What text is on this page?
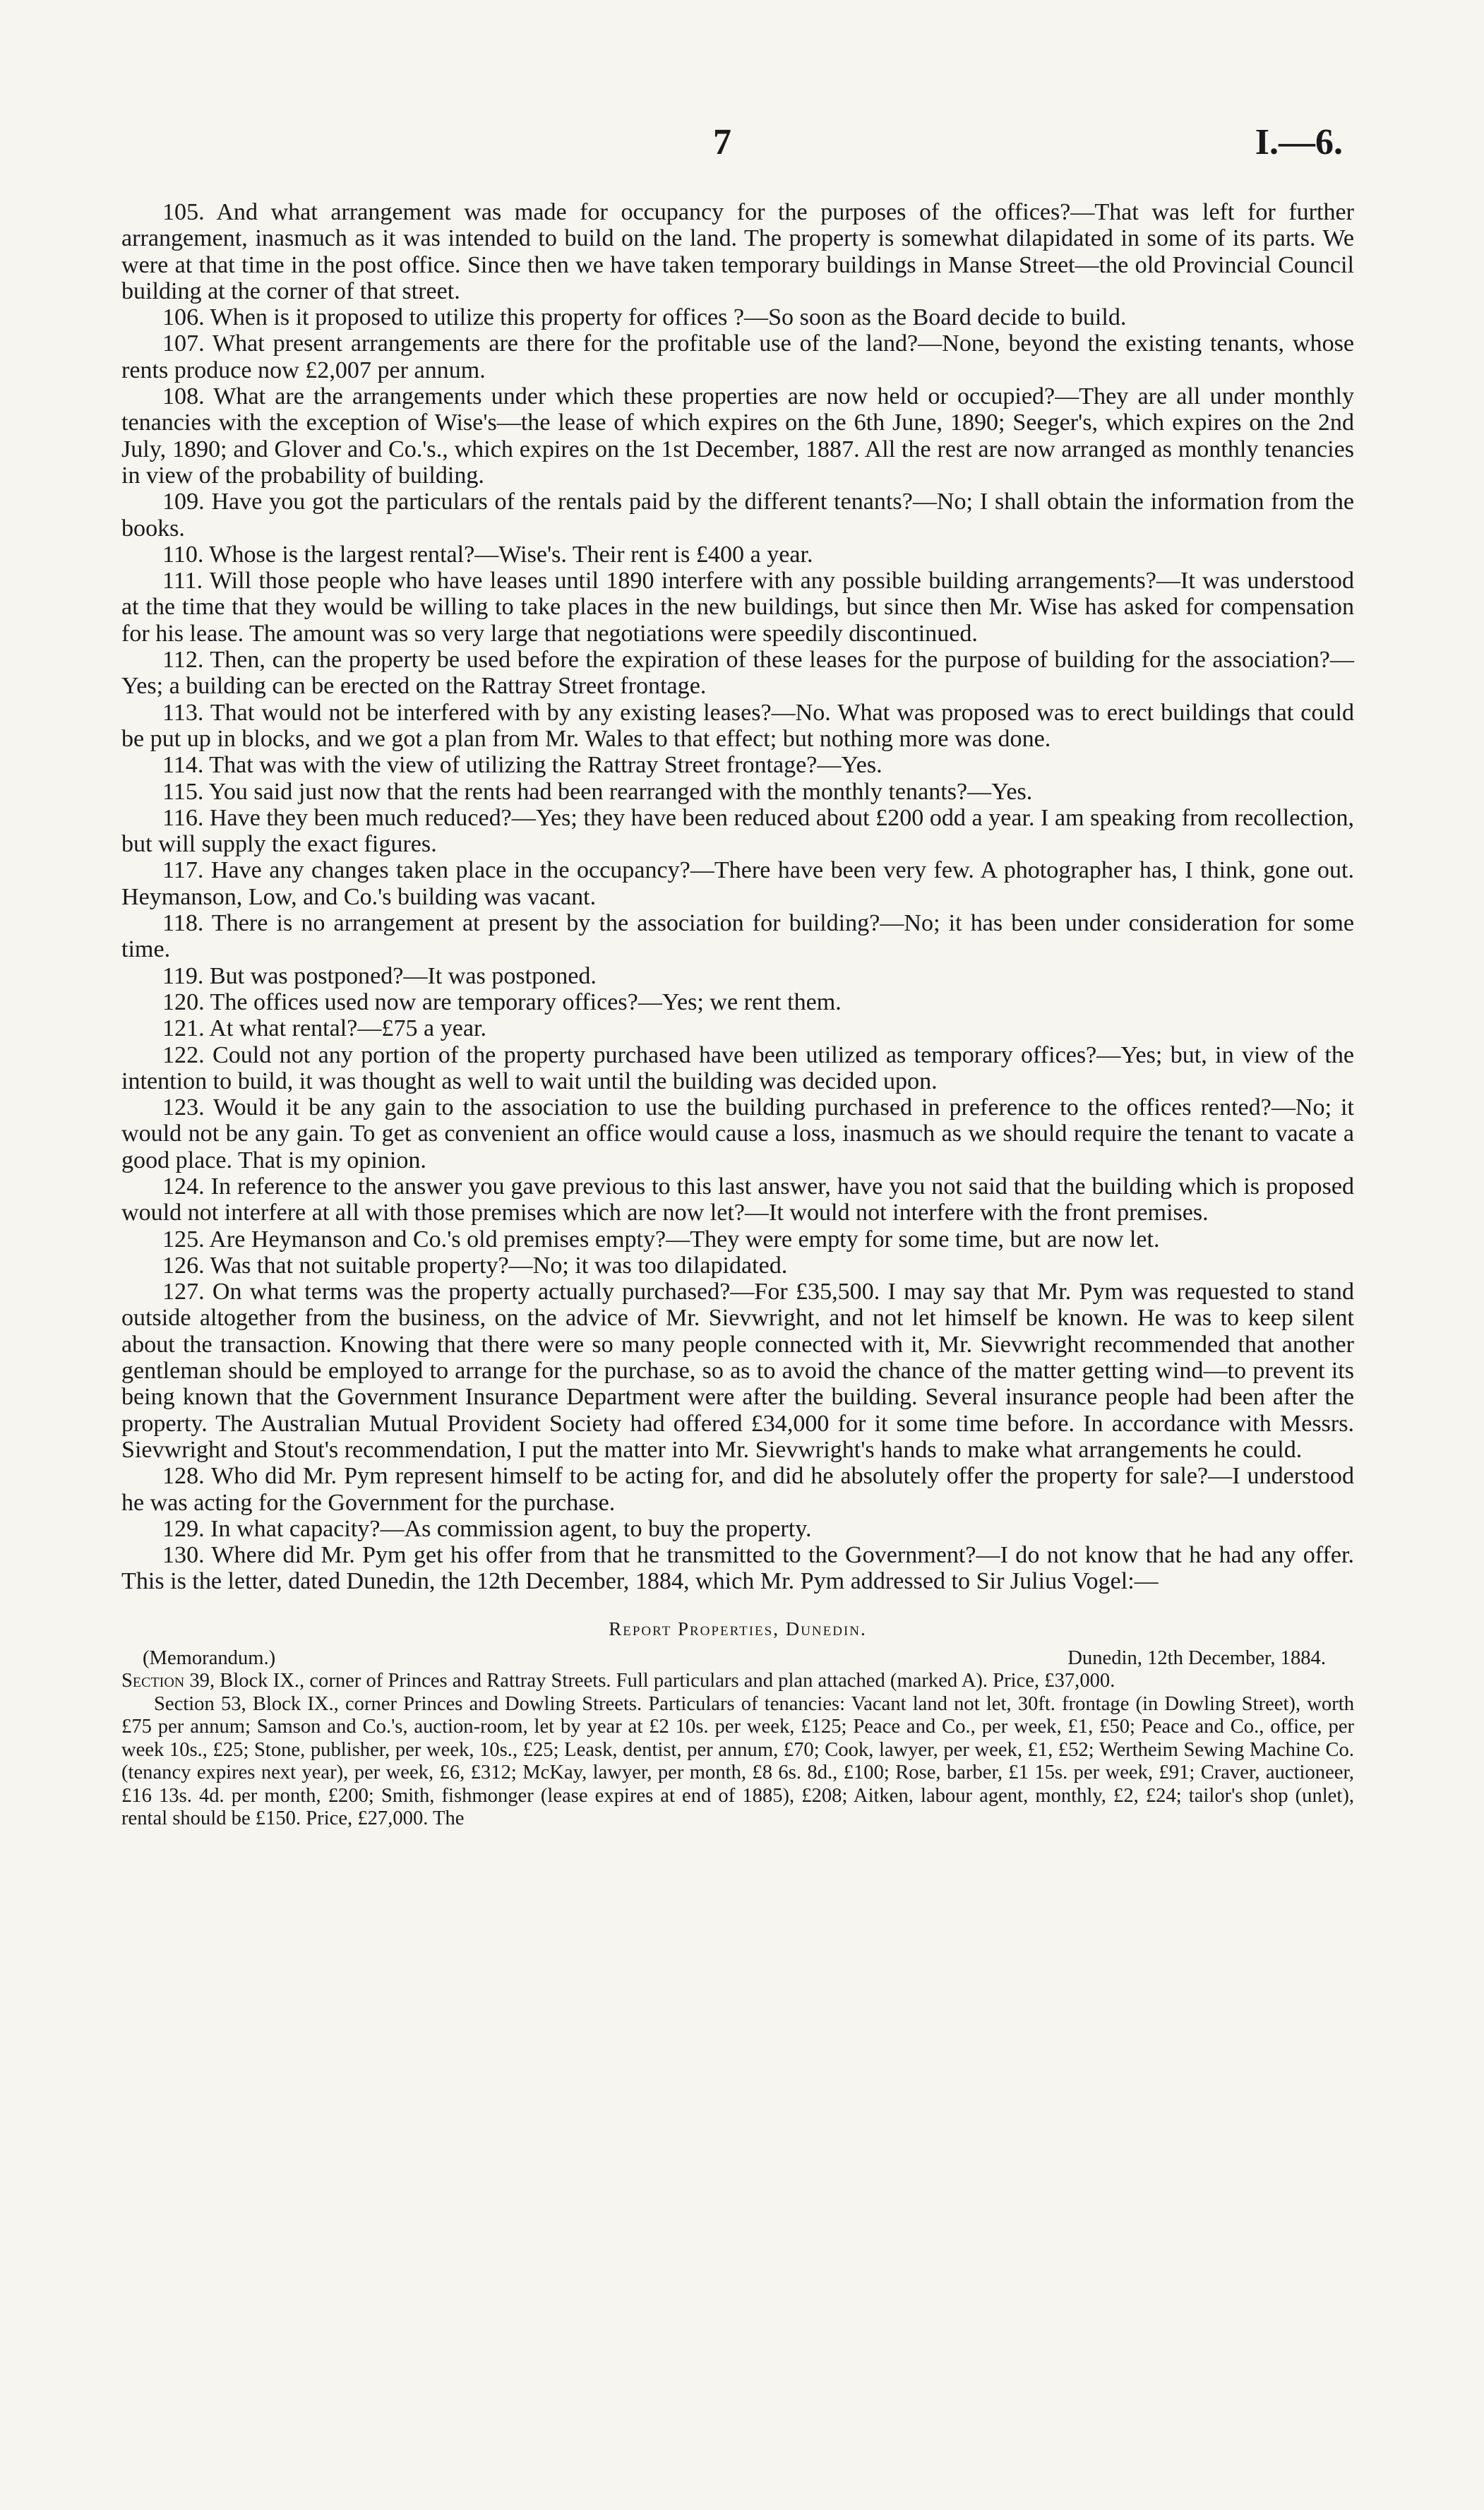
7	I.—6.

105. And what arrangement was made for occupancy for the purposes of the offices?—That was left for further arrangement, inasmuch as it was intended to build on the land. The property is somewhat dilapidated in some of its parts. We were at that time in the post office. Since then we have taken temporary buildings in Manse Street—the old Provincial Council building at the corner of that street.

106. When is it proposed to utilize this property for offices ?—So soon as the Board decide to build.

107. What present arrangements are there for the profitable use of the land?—None, beyond the existing tenants, whose rents produce now £2,007 per annum.

108. What are the arrangements under which these properties are now held or occupied?—They are all under monthly tenancies with the exception of Wise's—the lease of which expires on the 6th June, 1890; Seeger's, which expires on the 2nd July, 1890; and Glover and Co.'s., which expires on the 1st December, 1887. All the rest are now arranged as monthly tenancies in view of the probability of building.

109. Have you got the particulars of the rentals paid by the different tenants?—No; I shall obtain the information from the books.

110. Whose is the largest rental?—Wise's. Their rent is £400 a year.

111. Will those people who have leases until 1890 interfere with any possible building arrangements?—It was understood at the time that they would be willing to take places in the new buildings, but since then Mr. Wise has asked for compensation for his lease. The amount was so very large that negotiations were speedily discontinued.

112. Then, can the property be used before the expiration of these leases for the purpose of building for the association?—Yes; a building can be erected on the Rattray Street frontage.

113. That would not be interfered with by any existing leases?—No. What was proposed was to erect buildings that could be put up in blocks, and we got a plan from Mr. Wales to that effect; but nothing more was done.

114. That was with the view of utilizing the Rattray Street frontage?—Yes.

115. You said just now that the rents had been rearranged with the monthly tenants?—Yes.

116. Have they been much reduced?—Yes; they have been reduced about £200 odd a year. I am speaking from recollection, but will supply the exact figures.

117. Have any changes taken place in the occupancy?—There have been very few. A photographer has, I think, gone out. Heymanson, Low, and Co.'s building was vacant.

118. There is no arrangement at present by the association for building?—No; it has been under consideration for some time.

119. But was postponed?—It was postponed.

120. The offices used now are temporary offices?—Yes; we rent them.

121. At what rental?—£75 a year.

122. Could not any portion of the property purchased have been utilized as temporary offices?—Yes; but, in view of the intention to build, it was thought as well to wait until the building was decided upon.

123. Would it be any gain to the association to use the building purchased in preference to the offices rented?—No; it would not be any gain. To get as convenient an office would cause a loss, inasmuch as we should require the tenant to vacate a good place. That is my opinion.

124. In reference to the answer you gave previous to this last answer, have you not said that the building which is proposed would not interfere at all with those premises which are now let?—It would not interfere with the front premises.

125. Are Heymanson and Co.'s old premises empty?—They were empty for some time, but are now let.

126. Was that not suitable property?—No; it was too dilapidated.

127. On what terms was the property actually purchased?—For £35,500. I may say that Mr. Pym was requested to stand outside altogether from the business, on the advice of Mr. Sievwright, and not let himself be known. He was to keep silent about the transaction. Knowing that there were so many people connected with it, Mr. Sievwright recommended that another gentleman should be employed to arrange for the purchase, so as to avoid the chance of the matter getting wind—to prevent its being known that the Government Insurance Department were after the building. Several insurance people had been after the property. The Australian Mutual Provident Society had offered £34,000 for it some time before. In accordance with Messrs. Sievwright and Stout's recommendation, I put the matter into Mr. Sievwright's hands to make what arrangements he could.

128. Who did Mr. Pym represent himself to be acting for, and did he absolutely offer the property for sale?—I understood he was acting for the Government for the purchase.

129. In what capacity?—As commission agent, to buy the property.

130. Where did Mr. Pym get his offer from that he transmitted to the Government?—I do not know that he had any offer. This is the letter, dated Dunedin, the 12th December, 1884, which Mr. Pym addressed to Sir Julius Vogel:—

Report Properties, Dunedin.
(Memorandum.)	Dunedin, 12th December, 1884.

Section 39, Block IX., corner of Princes and Rattray Streets. Full particulars and plan attached (marked A). Price, £37,000.

Section 53, Block IX., corner Princes and Dowling Streets. Particulars of tenancies: Vacant land not let, 30ft. frontage (in Dowling Street), worth £75 per annum; Samson and Co.'s, auction-room, let by year at £2 10s. per week, £125; Peace and Co., per week, £1, £50; Peace and Co., office, per week 10s., £25; Stone, publisher, per week, 10s., £25; Leask, dentist, per annum, £70; Cook, lawyer, per week, £1, £52; Wertheim Sewing Machine Co. (tenancy expires next year), per week, £6, £312; McKay, lawyer, per month, £8 6s. 8d., £100; Rose, barber, £1 15s. per week, £91; Craver, auctioneer, £16 13s. 4d. per month, £200; Smith, fishmonger (lease expires at end of 1885), £208; Aitken, labour agent, monthly, £2, £24; tailor's shop (unlet), rental should be £150. Price, £27,000. The
